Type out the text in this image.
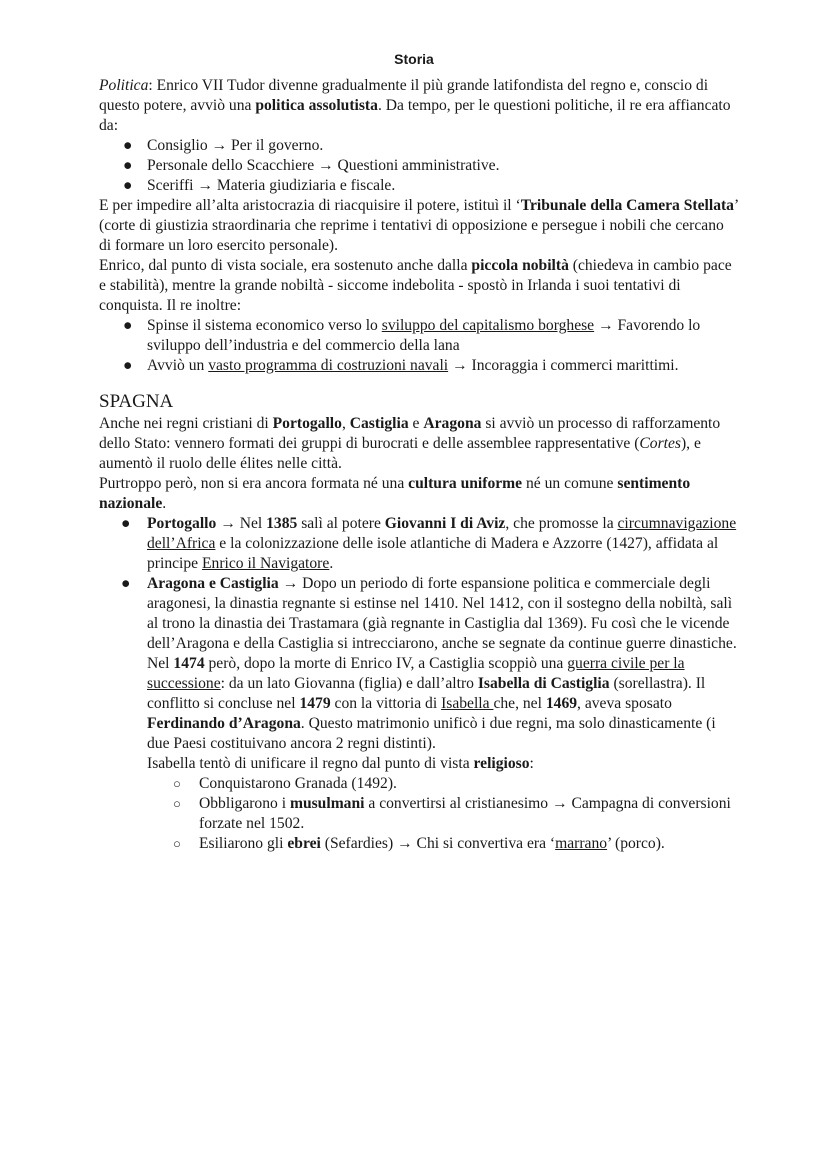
Storia

Politica: Enrico VII Tudor divenne gradualmente il più grande latifondista del regno e, conscio di questo potere, avviò una politica assolutista. Da tempo, per le questioni politiche, il re era affiancato da:

● Consiglio → Per il governo.
● Personale dello Scacchiere → Questioni amministrative.
● Sceriffi → Materia giudiziaria e fiscale.

E per impedire all’alta aristocrazia di riacquisire il potere, istituì il ‘Tribunale della Camera Stellata’ (corte di giustizia straordinaria che reprime i tentativi di opposizione e persegue i nobili che cercano di formare un loro esercito personale).

Enrico, dal punto di vista sociale, era sostenuto anche dalla piccola nobiltà (chiedeva in cambio pace e stabilità), mentre la grande nobiltà - siccome indebolita - spostò in Irlanda i suoi tentativi di conquista. Il re inoltre:

● Spinse il sistema economico verso lo sviluppo del capitalismo borghese → Favorendo lo sviluppo dell’industria e del commercio della lana
● Avviò un vasto programma di costruzioni navali → Incoraggia i commerci marittimi.
SPAGNA

Anche nei regni cristiani di Portogallo, Castiglia e Aragona si avviò un processo di rafforzamento dello Stato: vennero formati dei gruppi di burocrati e delle assemblee rappresentative (Cortes), e aumentò il ruolo delle élites nelle città.

Purtroppo però, non si era ancora formata né una cultura uniforme né un comune sentimento nazionale.

● Portogallo → Nel 1385 salì al potere Giovanni I di Aviz, che promosse la circumnavigazione dell’Africa e la colonizzazione delle isole atlantiche di Madera e Azzorre (1427), affidata al principe Enrico il Navigatore.
● Aragona e Castiglia → Dopo un periodo di forte espansione politica e commerciale degli aragonesi, la dinastia regnante si estinse nel 1410. Nel 1412, con il sostegno della nobiltà, salì al trono la dinastia dei Trastamara (già regnante in Castiglia dal 1369). Fu così che le vicende dell’Aragona e della Castiglia si intrecciarono, anche se segnate da continue guerre dinastiche.

Nel 1474 però, dopo la morte di Enrico IV, a Castiglia scoppiò una guerra civile per la successione: da un lato Giovanna (figlia) e dall’altro Isabella di Castiglia (sorellastra). Il conflitto si concluse nel 1479 con la vittoria di Isabella che, nel 1469, aveva sposato Ferdinando d’Aragona. Questo matrimonio unificò i due regni, ma solo dinasticamente (i due Paesi costituivano ancora 2 regni distinti).

Isabella tentò di unificare il regno dal punto di vista religioso:

○ Conquistarono Granada (1492).
○ Obbligarono i musulmani a convertirsi al cristianesimo → Campagna di conversioni forzate nel 1502.
○ Esiliarono gli ebrei (Sefardies) → Chi si convertiva era ‘marrano’ (porco).
